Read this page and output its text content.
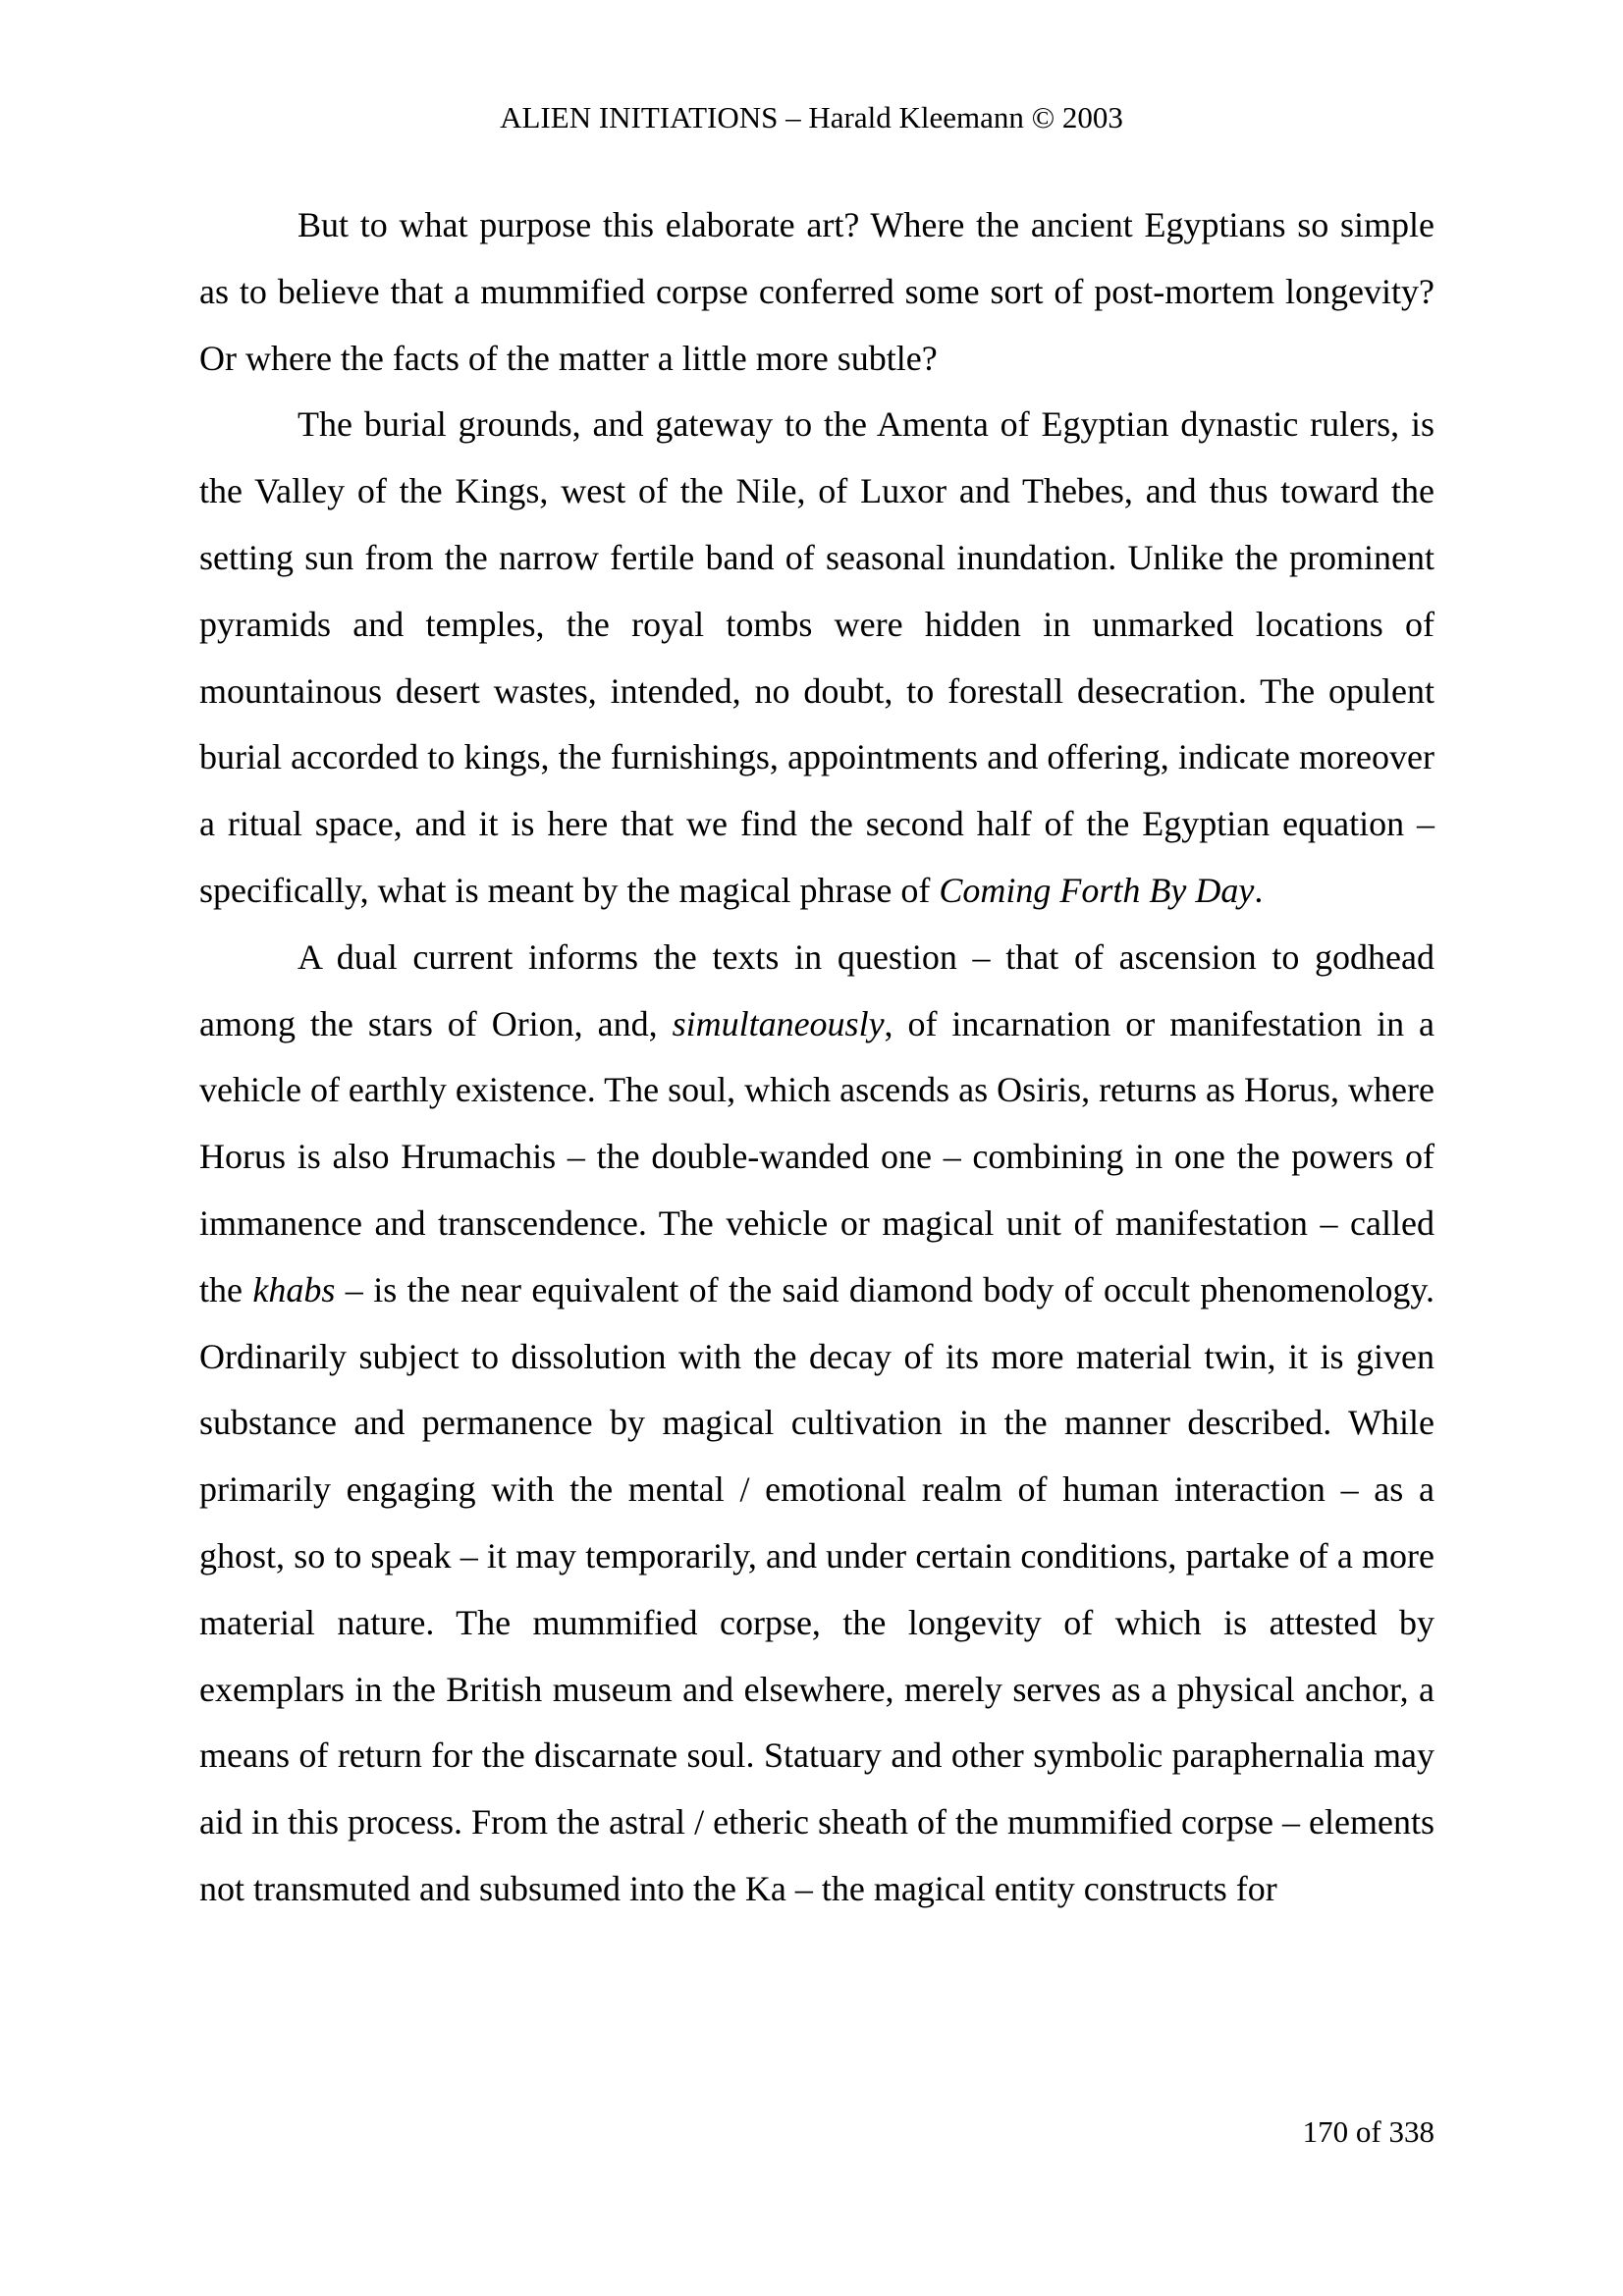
ALIEN INITIATIONS – Harald Kleemann © 2003

But to what purpose this elaborate art? Where the ancient Egyptians so simple as to believe that a mummified corpse conferred some sort of post-mortem longevity? Or where the facts of the matter a little more subtle?

The burial grounds, and gateway to the Amenta of Egyptian dynastic rulers, is the Valley of the Kings, west of the Nile, of Luxor and Thebes, and thus toward the setting sun from the narrow fertile band of seasonal inundation. Unlike the prominent pyramids and temples, the royal tombs were hidden in unmarked locations of mountainous desert wastes, intended, no doubt, to forestall desecration. The opulent burial accorded to kings, the furnishings, appointments and offering, indicate moreover a ritual space, and it is here that we find the second half of the Egyptian equation – specifically, what is meant by the magical phrase of Coming Forth By Day.

A dual current informs the texts in question – that of ascension to godhead among the stars of Orion, and, simultaneously, of incarnation or manifestation in a vehicle of earthly existence. The soul, which ascends as Osiris, returns as Horus, where Horus is also Hrumachis – the double-wanded one – combining in one the powers of immanence and transcendence. The vehicle or magical unit of manifestation – called the khabs – is the near equivalent of the said diamond body of occult phenomenology. Ordinarily subject to dissolution with the decay of its more material twin, it is given substance and permanence by magical cultivation in the manner described. While primarily engaging with the mental / emotional realm of human interaction – as a ghost, so to speak – it may temporarily, and under certain conditions, partake of a more material nature. The mummified corpse, the longevity of which is attested by exemplars in the British museum and elsewhere, merely serves as a physical anchor, a means of return for the discarnate soul. Statuary and other symbolic paraphernalia may aid in this process. From the astral / etheric sheath of the mummified corpse – elements not transmuted and subsumed into the Ka – the magical entity constructs for

170 of 338
